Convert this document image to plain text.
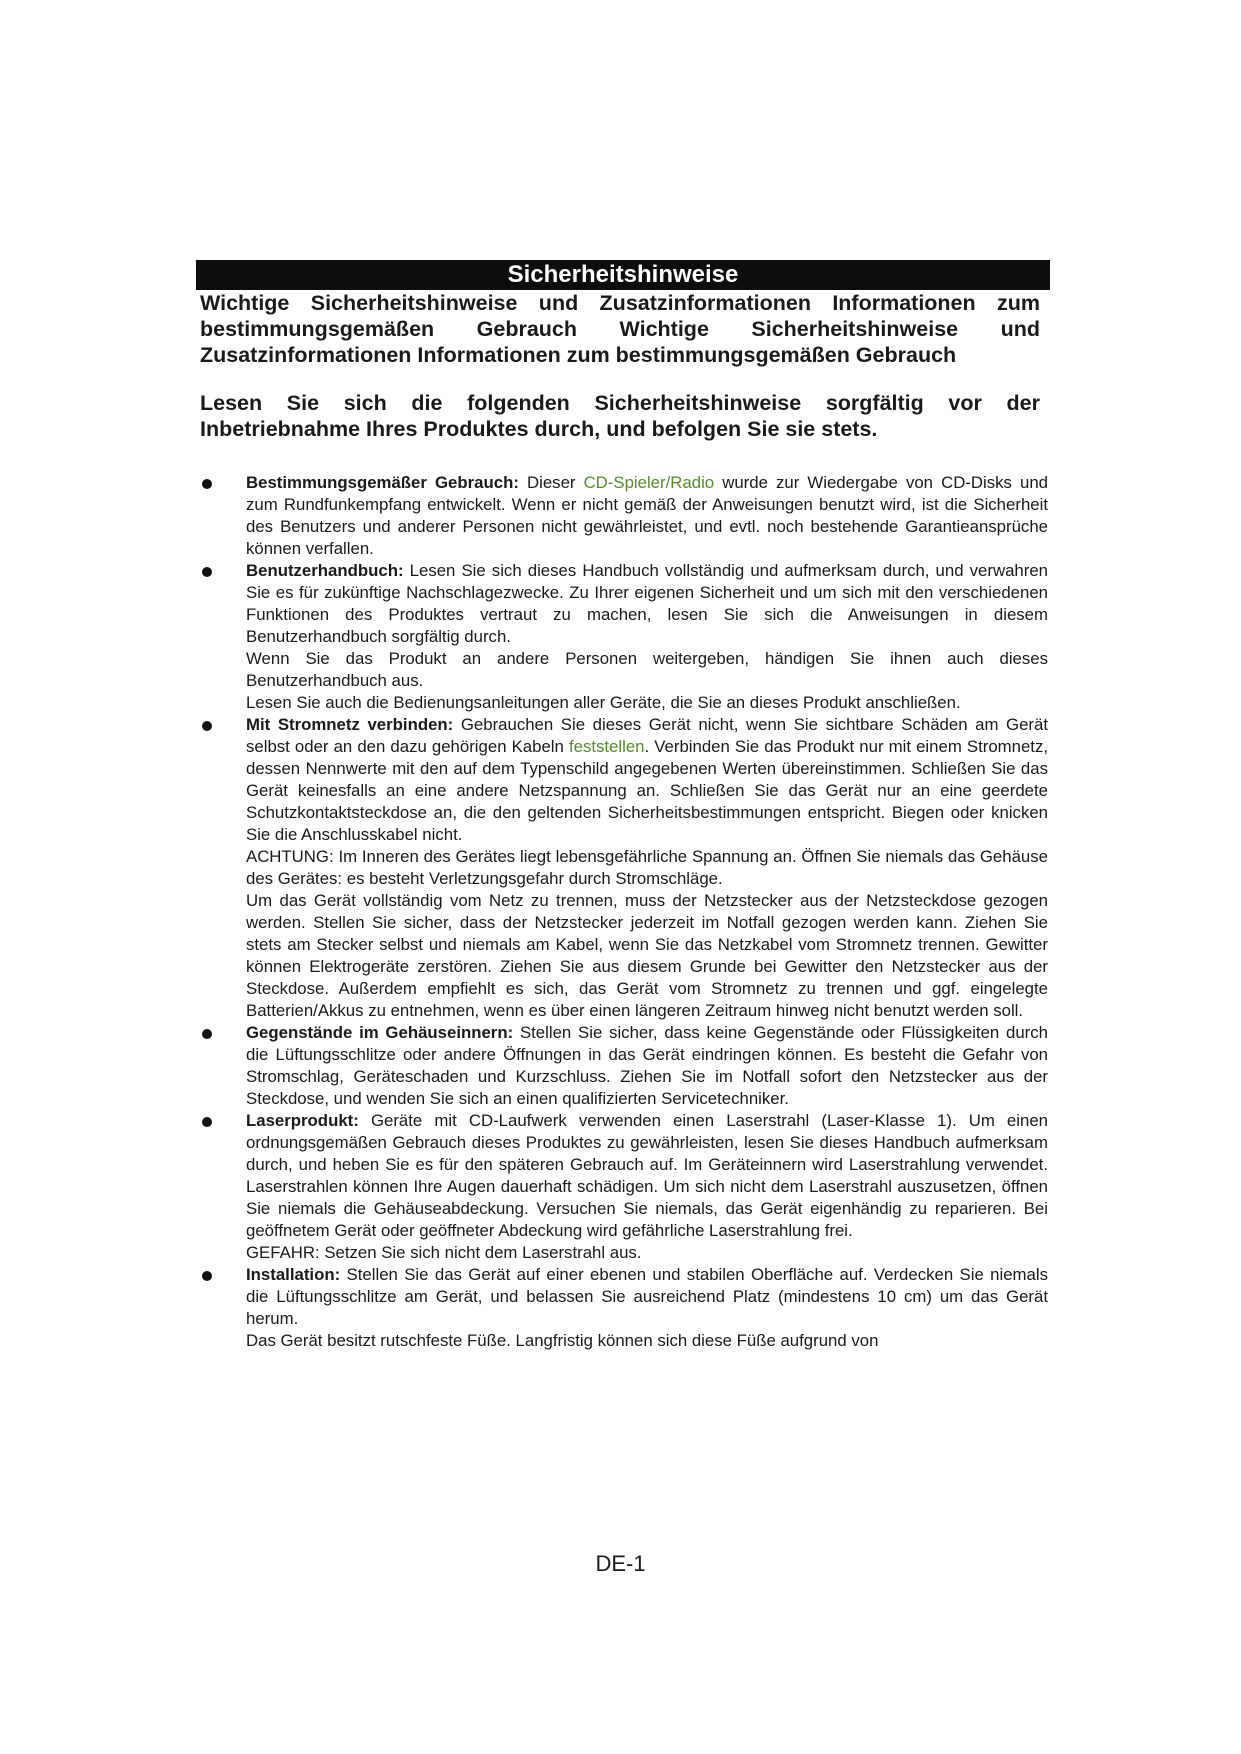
Sicherheitshinweise

Wichtige Sicherheitshinweise und Zusatzinformationen Informationen zum bestimmungsgemäßen Gebrauch Wichtige Sicherheitshinweise und Zusatzinformationen Informationen zum bestimmungsgemäßen Gebrauch

Lesen Sie sich die folgenden Sicherheitshinweise sorgfältig vor der Inbetriebnahme Ihres Produktes durch, und befolgen Sie sie stets.

Bestimmungsgemäßer Gebrauch: Dieser CD-Spieler/Radio wurde zur Wiedergabe von CD-Disks und zum Rundfunkempfang entwickelt. Wenn er nicht gemäß der Anweisungen benutzt wird, ist die Sicherheit des Benutzers und anderer Personen nicht gewährleistet, und evtl. noch bestehende Garantieansprüche können verfallen.
Benutzerhandbuch: Lesen Sie sich dieses Handbuch vollständig und aufmerksam durch, und verwahren Sie es für zukünftige Nachschlagezwecke. Zu Ihrer eigenen Sicherheit und um sich mit den verschiedenen Funktionen des Produktes vertraut zu machen, lesen Sie sich die Anweisungen in diesem Benutzerhandbuch sorgfältig durch.

Wenn Sie das Produkt an andere Personen weitergeben, händigen Sie ihnen auch dieses Benutzerhandbuch aus.

Lesen Sie auch die Bedienungsanleitungen aller Geräte, die Sie an dieses Produkt anschließen.

Mit Stromnetz verbinden: Gebrauchen Sie dieses Gerät nicht, wenn Sie sichtbare Schäden am Gerät selbst oder an den dazu gehörigen Kabeln feststellen. Verbinden Sie das Produkt nur mit einem Stromnetz, dessen Nennwerte mit den auf dem Typenschild angegebenen Werten übereinstimmen. Schließen Sie das Gerät keinesfalls an eine andere Netzspannung an. Schließen Sie das Gerät nur an eine geerdete Schutzkontaktsteckdose an, die den geltenden Sicherheitsbestimmungen entspricht. Biegen oder knicken Sie die Anschlusskabel nicht.

ACHTUNG: Im Inneren des Gerätes liegt lebensgefährliche Spannung an. Öffnen Sie niemals das Gehäuse des Gerätes: es besteht Verletzungsgefahr durch Stromschläge.

Um das Gerät vollständig vom Netz zu trennen, muss der Netzstecker aus der Netzsteckdose gezogen werden. Stellen Sie sicher, dass der Netzstecker jederzeit im Notfall gezogen werden kann. Ziehen Sie stets am Stecker selbst und niemals am Kabel, wenn Sie das Netzkabel vom Stromnetz trennen. Gewitter können Elektrogeräte zerstören. Ziehen Sie aus diesem Grunde bei Gewitter den Netzstecker aus der Steckdose. Außerdem empfiehlt es sich, das Gerät vom Stromnetz zu trennen und ggf. eingelegte Batterien/Akkus zu entnehmen, wenn es über einen längeren Zeitraum hinweg nicht benutzt werden soll.

Gegenstände im Gehäuseinnern: Stellen Sie sicher, dass keine Gegenstände oder Flüssigkeiten durch die Lüftungsschlitze oder andere Öffnungen in das Gerät eindringen können. Es besteht die Gefahr von Stromschlag, Geräteschaden und Kurzschluss. Ziehen Sie im Notfall sofort den Netzstecker aus der Steckdose, und wenden Sie sich an einen qualifizierten Servicetechniker.
Laserprodukt: Geräte mit CD-Laufwerk verwenden einen Laserstrahl (Laser-Klasse 1). Um einen ordnungsgemäßen Gebrauch dieses Produktes zu gewährleisten, lesen Sie dieses Handbuch aufmerksam durch, und heben Sie es für den späteren Gebrauch auf. Im Geräteinnern wird Laserstrahlung verwendet. Laserstrahlen können Ihre Augen dauerhaft schädigen. Um sich nicht dem Laserstrahl auszusetzen, öffnen Sie niemals die Gehäuseabdeckung. Versuchen Sie niemals, das Gerät eigenhändig zu reparieren. Bei geöffnetem Gerät oder geöffneter Abdeckung wird gefährliche Laserstrahlung frei.

GEFAHR: Setzen Sie sich nicht dem Laserstrahl aus.

Installation: Stellen Sie das Gerät auf einer ebenen und stabilen Oberfläche auf. Verdecken Sie niemals die Lüftungsschlitze am Gerät, und belassen Sie ausreichend Platz (mindestens 10 cm) um das Gerät herum.

Das Gerät besitzt rutschfeste Füße. Langfristig können sich diese Füße aufgrund von

DE-1
